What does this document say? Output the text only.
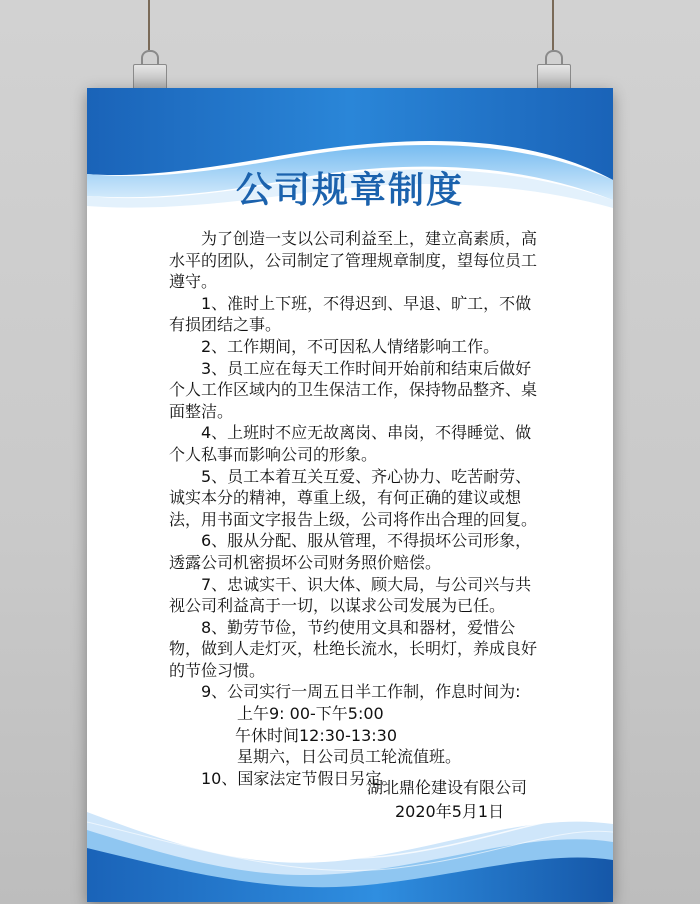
公司规章制度

为了创造一支以公司利益至上，建立高素质，高水平的团队，公司制定了管理规章制度，望每位员工遵守。

1、准时上下班，不得迟到、早退、旷工，不做有损团结之事。

2、工作期间，不可因私人情绪影响工作。

3、员工应在每天工作时间开始前和结束后做好个人工作区域内的卫生保洁工作，保持物品整齐、桌面整洁。

4、上班时不应无故离岗、串岗，不得睡觉、做个人私事而影响公司的形象。

5、员工本着互关互爱、齐心协力、吃苦耐劳、诚实本分的精神，尊重上级，有何正确的建议或想法，用书面文字报告上级，公司将作出合理的回复。

6、服从分配、服从管理，不得损坏公司形象，透露公司机密损坏公司财务照价赔偿。

7、忠诚实干、识大体、顾大局，与公司兴与共视公司利益高于一切，以谋求公司发展为已任。

8、勤劳节俭，节约使用文具和器材，爱惜公物，做到人走灯灭，杜绝长流水，长明灯，养成良好的节俭习惯。

9、公司实行一周五日半工作制，作息时间为:

上午9: 00-下午5:00

午休时间12:30-13:30

星期六，日公司员工轮流值班。

10、国家法定节假日另定。

湖北鼎伦建设有限公司
2020年5月1日
